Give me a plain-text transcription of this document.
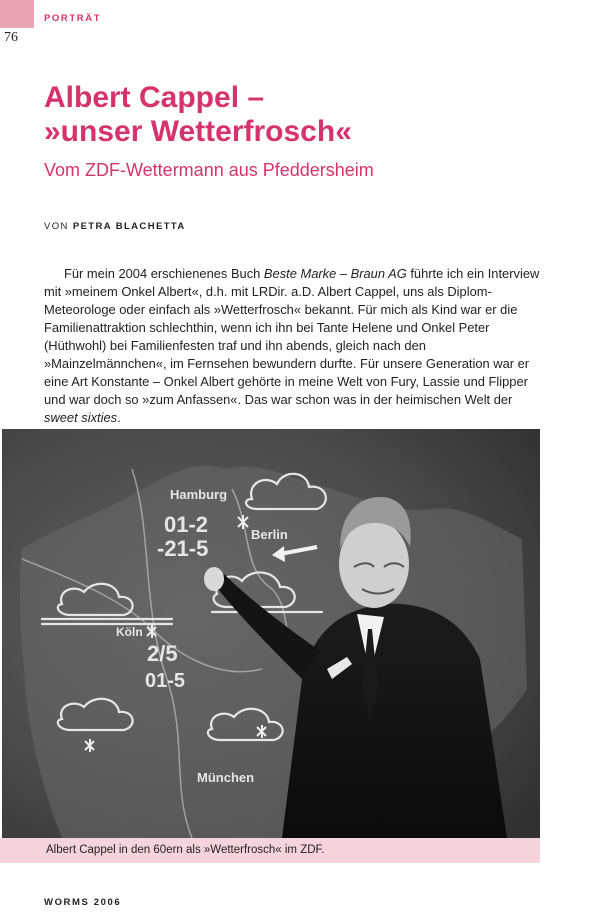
PORTRÄT
76
Albert Cappel –
»unser Wetterfrosch«
Vom ZDF-Wettermann aus Pfeddersheim
VON PETRA BLACHETTA

Für mein 2004 erschienenes Buch Beste Marke – Braun AG führte ich ein Interview mit »meinem Onkel Albert«, d.h. mit LRDir. a.D. Albert Cappel, uns als Diplom-Meteorologe oder einfach als »Wetterfrosch« bekannt. Für mich als Kind war er die Familienattraktion schlechthin, wenn ich ihn bei Tante Helene und Onkel Peter (Hüthwohl) bei Familienfesten traf und ihn abends, gleich nach den »Mainzelmännchen«, im Fernsehen bewundern durfte. Für unsere Generation war er eine Art Konstante – Onkel Albert gehörte in meine Welt von Fury, Lassie und Flipper und war doch so »zum Anfassen«. Das war schon was in der heimischen Welt der sweet sixties.

01-2
-21-5
2/5
01-5
Hamburg
Berlin
Köln
München
Albert Cappel in den 60ern als »Wetterfrosch« im ZDF.
WORMS 2006
